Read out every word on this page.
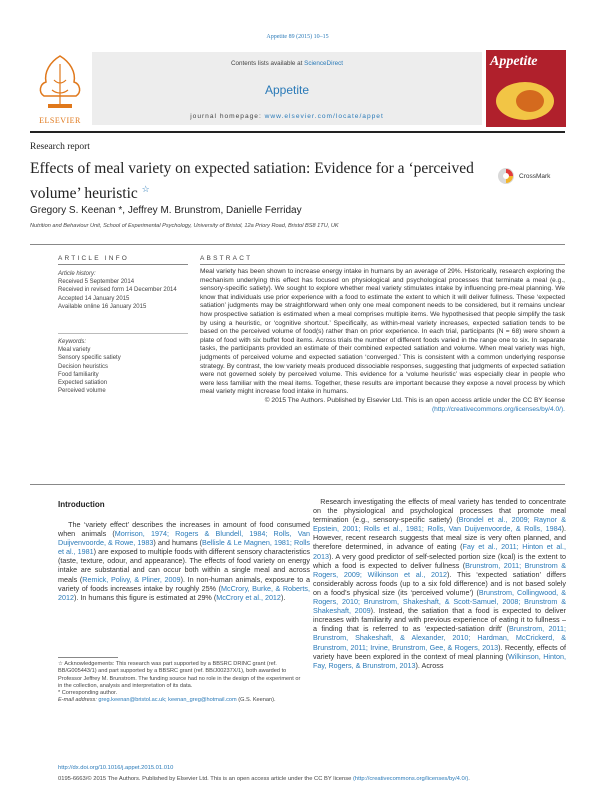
Appetite 89 (2015) 10–15
ELSEVIER
Contents lists available at ScienceDirect
Appetite
journal homepage: www.elsevier.com/locate/appet
Appetite
Research report
Effects of meal variety on expected satiation: Evidence for a ‘perceived volume’ heuristic ☆
CrossMark
Gregory S. Keenan *, Jeffrey M. Brunstrom, Danielle Ferriday
Nutrition and Behaviour Unit, School of Experimental Psychology, University of Bristol, 12a Priory Road, Bristol BS8 1TU, UK
ARTICLE INFO	ABSTRACT
Article history:
Received 5 September 2014
Received in revised form 14 December 2014
Accepted 14 January 2015
Available online 16 January 2015
Keywords:
Meal variety
Sensory specific satiety
Decision heuristics
Food familiarity
Expected satiation
Perceived volume
Meal variety has been shown to increase energy intake in humans by an average of 29%. Historically, research exploring the mechanism underlying this effect has focused on physiological and psychological processes that terminate a meal (e.g., sensory-specific satiety). We sought to explore whether meal variety stimulates intake by influencing pre-meal planning. We know that individuals use prior experience with a food to estimate the extent to which it will deliver fullness. These ‘expected satiation’ judgments may be straightforward when only one meal component needs to be considered, but it remains unclear how prospective satiation is estimated when a meal comprises multiple items. We hypothesised that people simplify the task by using a heuristic, or ‘cognitive shortcut.’ Specifically, as within-meal variety increases, expected satiation tends to be based on the perceived volume of food(s) rather than on prior experience. In each trial, participants (N = 68) were shown a plate of food with six buffet food items. Across trials the number of different foods varied in the range one to six. In separate tasks, the participants provided an estimate of their combined expected satiation and volume. When meal variety was high, judgments of perceived volume and expected satiation ‘converged.’ This is consistent with a common underlying response strategy. By contrast, the low variety meals produced dissociable responses, suggesting that judgments of expected satiation were not governed solely by perceived volume. This evidence for a ‘volume heuristic’ was especially clear in people who were less familiar with the meal items. Together, these results are important because they expose a novel process by which meal variety might increase food intake in humans.
© 2015 The Authors. Published by Elsevier Ltd. This is an open access article under the CC BY license
(http://creativecommons.org/licenses/by/4.0/).
Introduction
The ‘variety effect’ describes the increases in amount of food consumed when animals (Morrison, 1974; Rogers & Blundell, 1984; Rolls, Van Duijvenvoorde, & Rowe, 1983) and humans (Bellisle & Le Magnen, 1981; Rolls et al., 1981) are exposed to multiple foods with different sensory characteristics (taste, texture, odour, and appearance). The effects of food variety on energy intake are substantial and can occur both within a single meal and across meals (Remick, Polivy, & Pliner, 2009). In non-human animals, exposure to a variety of foods increases intake by roughly 25% (McCrory, Burke, & Roberts, 2012). In humans this figure is estimated at 29% (McCrory et al., 2012).
Research investigating the effects of meal variety has tended to concentrate on the physiological and psychological processes that promote meal termination (e.g., sensory-specific satiety) (Brondel et al., 2009; Raynor & Epstein, 2001; Rolls et al., 1981; Rolls, Van Duijvenvoorde, & Rolls, 1984). However, recent research suggests that meal size is very often planned, and therefore determined, in advance of eating (Fay et al., 2011; Hinton et al., 2013). A very good predictor of self-selected portion size (kcal) is the extent to which a food is expected to deliver fullness (Brunstrom, 2011; Brunstrom & Rogers, 2009; Wilkinson et al., 2012). This ‘expected satiation’ differs considerably across foods (up to a six fold difference) and is not based solely on a food’s physical size (its ‘perceived volume’) (Brunstrom, Collingwood, & Rogers, 2010; Brunstrom, Shakeshaft, & Scott-Samuel, 2008; Brunstrom & Shakeshaft, 2009). Instead, the satiation that a food is expected to deliver increases with familiarity and with previous experience of eating it to fullness – a finding that is referred to as ‘expected-satiation drift’ (Brunstrom, 2011; Brunstrom, Shakeshaft, & Alexander, 2010; Hardman, McCrickerd, & Brunstrom, 2011; Irvine, Brunstrom, Gee, & Rogers, 2013). Recently, effects of variety have been explored in the context of meal planning (Wilkinson, Hinton, Fay, Rogers, & Brunstrom, 2013). Across
☆ Acknowledgements: This research was part supported by a BBSRC DRINC grant (ref. BB/G005443/1) and part supported by a BBSRC grant (ref. BB/J00237X/1), both awarded to Professor Jeffrey M. Brunstrom. The funding source had no role in the design of the experiment or in the collection, analysis and interpretation of its data.
* Corresponding author.
E-mail address: greg.keenan@bristol.ac.uk; keenan_greg@hotmail.com (G.S. Keenan).
http://dx.doi.org/10.1016/j.appet.2015.01.010
0195-6663/© 2015 The Authors. Published by Elsevier Ltd. This is an open access article under the CC BY license (http://creativecommons.org/licenses/by/4.0/).
